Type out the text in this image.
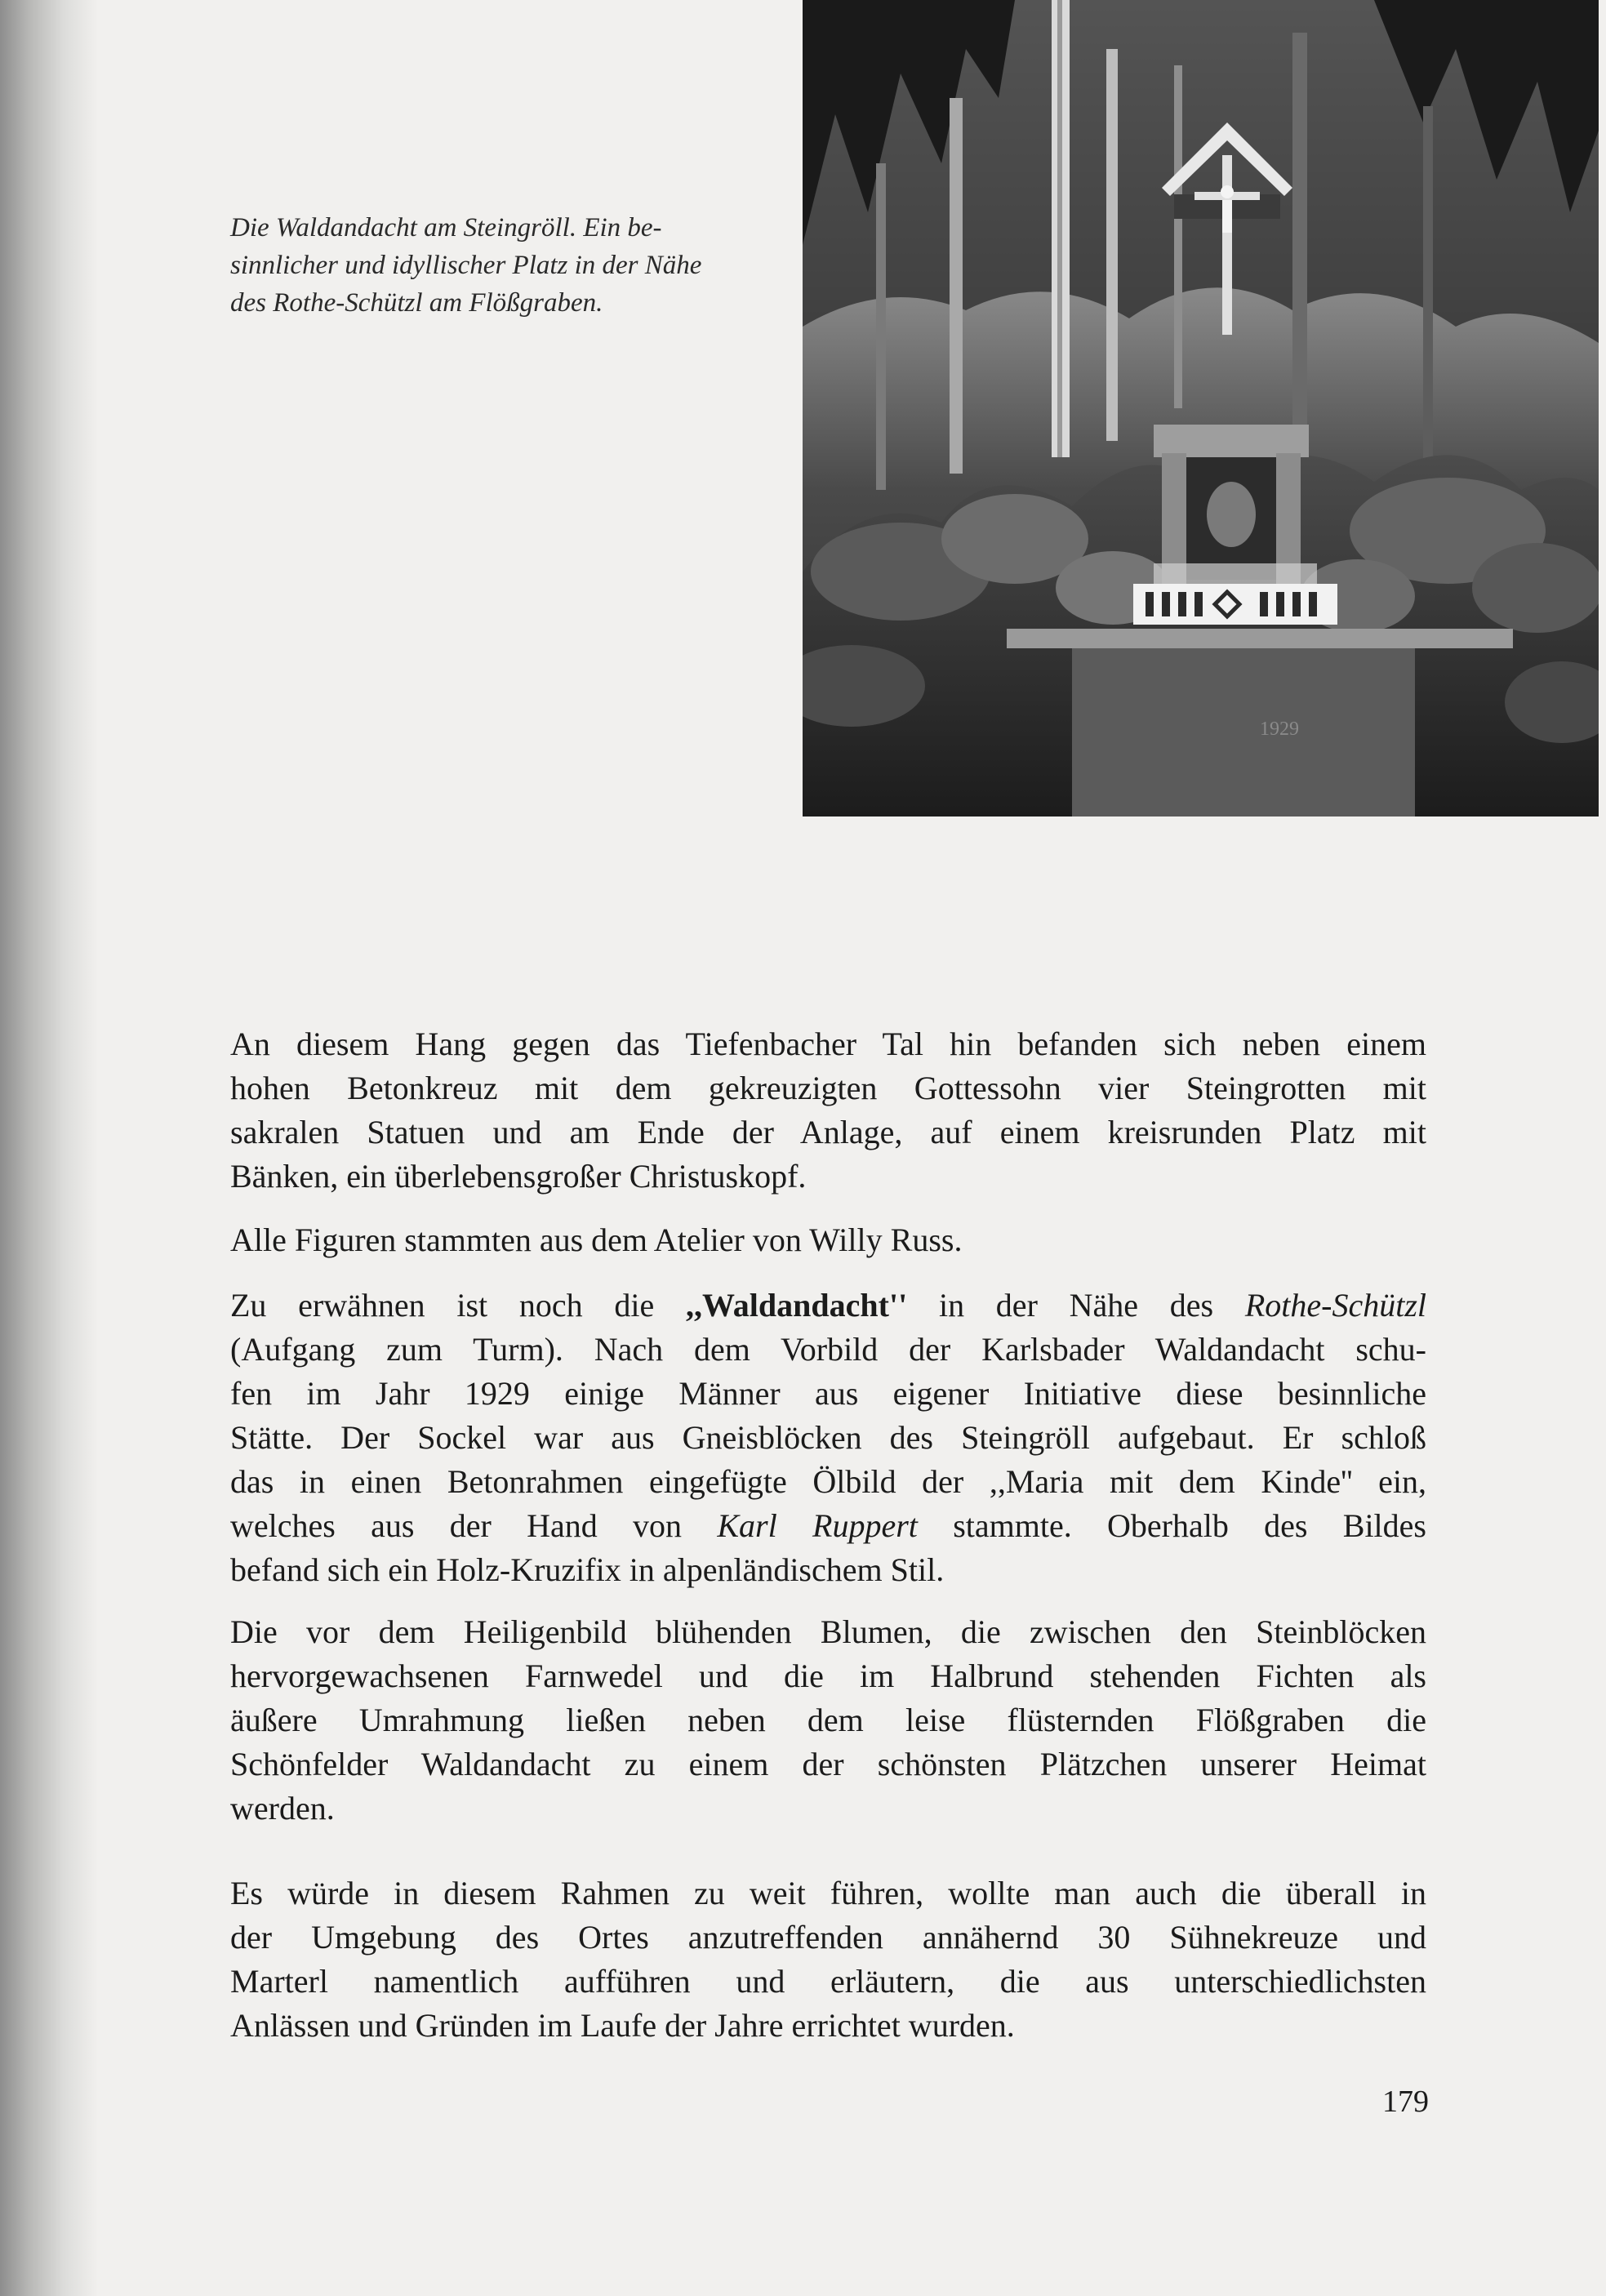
Die Waldandacht am Steingröll. Ein be-
sinnlicher und idyllischer Platz in der Nähe
des Rothe-Schützl am Flößgraben.
1929
An diesem Hang gegen das Tiefenbacher Tal hin befanden sich neben einem
hohen Betonkreuz mit dem gekreuzigten Gottessohn vier Steingrotten mit
sakralen Statuen und am Ende der Anlage, auf einem kreisrunden Platz mit
Bänken, ein überlebensgroßer Christuskopf.
Alle Figuren stammten aus dem Atelier von Willy Russ.
Zu erwähnen ist noch die ,,Waldandacht'' in der Nähe des Rothe-Schützl
(Aufgang zum Turm). Nach dem Vorbild der Karlsbader Waldandacht schu-
fen im Jahr 1929 einige Männer aus eigener Initiative diese besinnliche
Stätte. Der Sockel war aus Gneisblöcken des Steingröll aufgebaut. Er schloß
das in einen Betonrahmen eingefügte Ölbild der ,,Maria mit dem Kinde'' ein,
welches aus der Hand von Karl Ruppert stammte. Oberhalb des Bildes
befand sich ein Holz-Kruzifix in alpenländischem Stil.
Die vor dem Heiligenbild blühenden Blumen, die zwischen den Steinblöcken
hervorgewachsenen Farnwedel und die im Halbrund stehenden Fichten als
äußere Umrahmung ließen neben dem leise flüsternden Flößgraben die
Schönfelder Waldandacht zu einem der schönsten Plätzchen unserer Heimat
werden.
Es würde in diesem Rahmen zu weit führen, wollte man auch die überall in
der Umgebung des Ortes anzutreffenden annähernd 30 Sühnekreuze und
Marterl namentlich aufführen und erläutern, die aus unterschiedlichsten
Anlässen und Gründen im Laufe der Jahre errichtet wurden.
179
